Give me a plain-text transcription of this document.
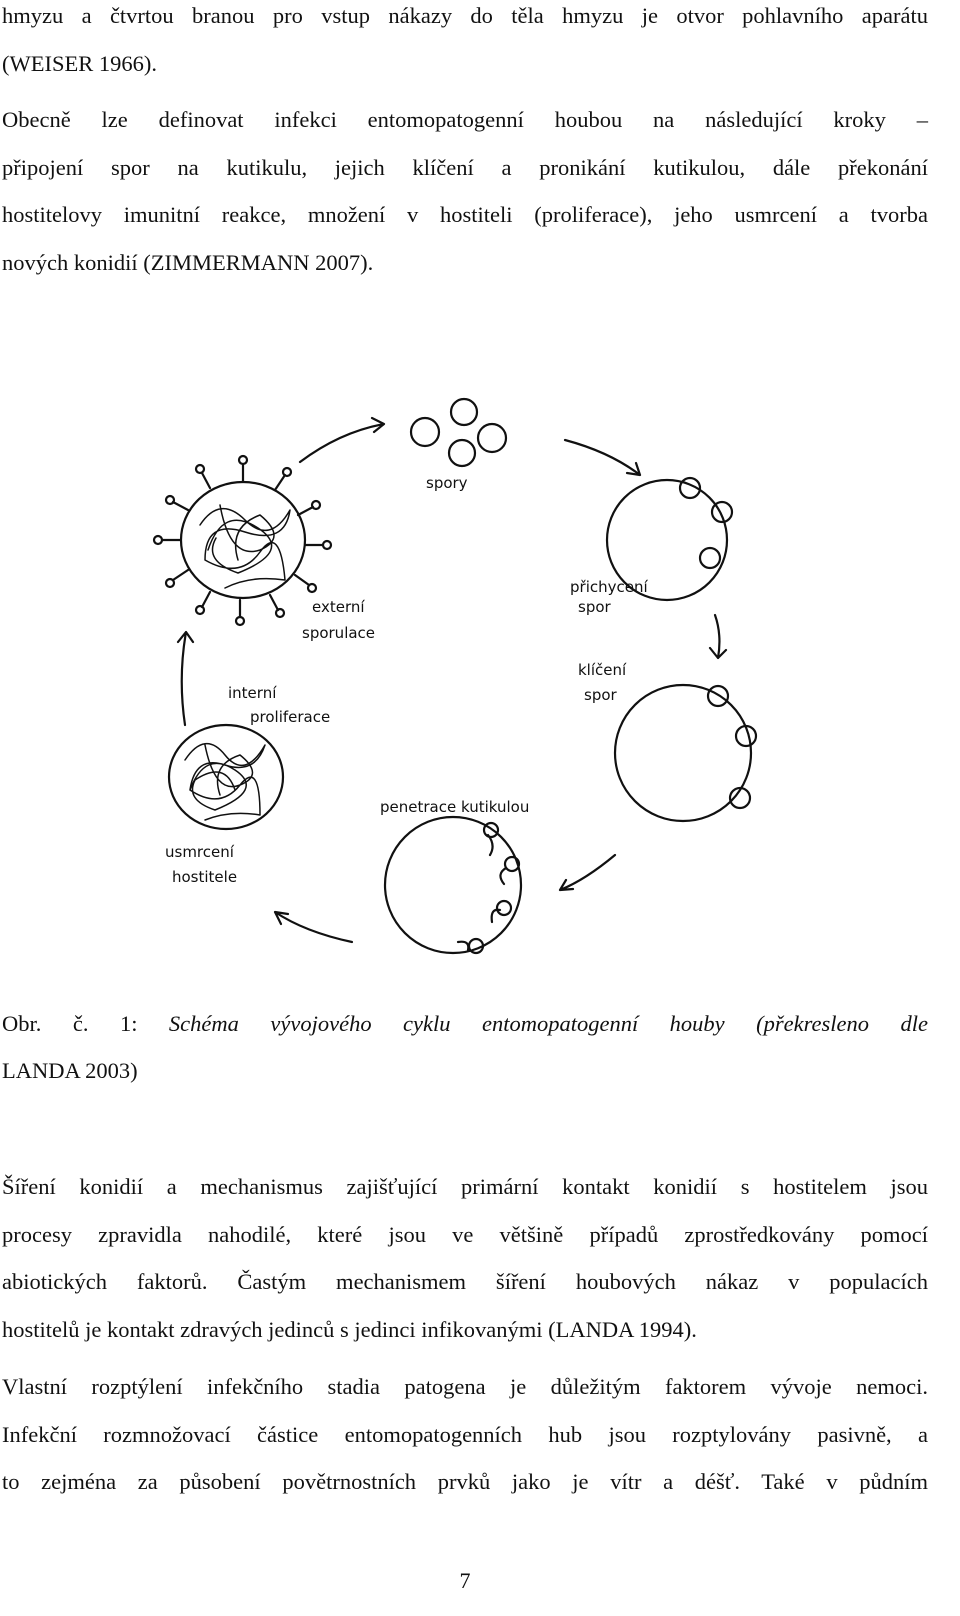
hmyzu a čtvrtou branou pro vstup nákazy do těla hmyzu je otvor pohlavního aparátu
(WEISER 1966).
Obecně lze definovat infekci entomopatogenní houbou na následující kroky –
připojení spor na kutikulu, jejich klíčení a pronikání kutikulou, dále překonání
hostitelovy imunitní reakce, množení v hostiteli (proliferace), jeho usmrcení a tvorba
nových konidií (ZIMMERMANN 2007).
spory
přichycení
spor
klíčení
spor
penetrace kutikulou
usmrcení
hostitele
interní
proliferace
externí
sporulace
Obr. č. 1: Schéma vývojového cyklu entomopatogenní houby (překresleno dle
LANDA 2003)
Šíření konidií a mechanismus zajišťující primární kontakt konidií s hostitelem jsou
procesy zpravidla nahodilé, které jsou ve většině případů zprostředkovány pomocí
abiotických faktorů. Častým mechanismem šíření houbových nákaz v populacích
hostitelů je kontakt zdravých jedinců s jedinci infikovanými (LANDA 1994).
Vlastní rozptýlení infekčního stadia patogena je důležitým faktorem vývoje nemoci.
Infekční rozmnožovací částice entomopatogenních hub jsou rozptylovány pasivně, a
to zejména za působení povětrnostních prvků jako je vítr a déšť. Také v půdním
7
